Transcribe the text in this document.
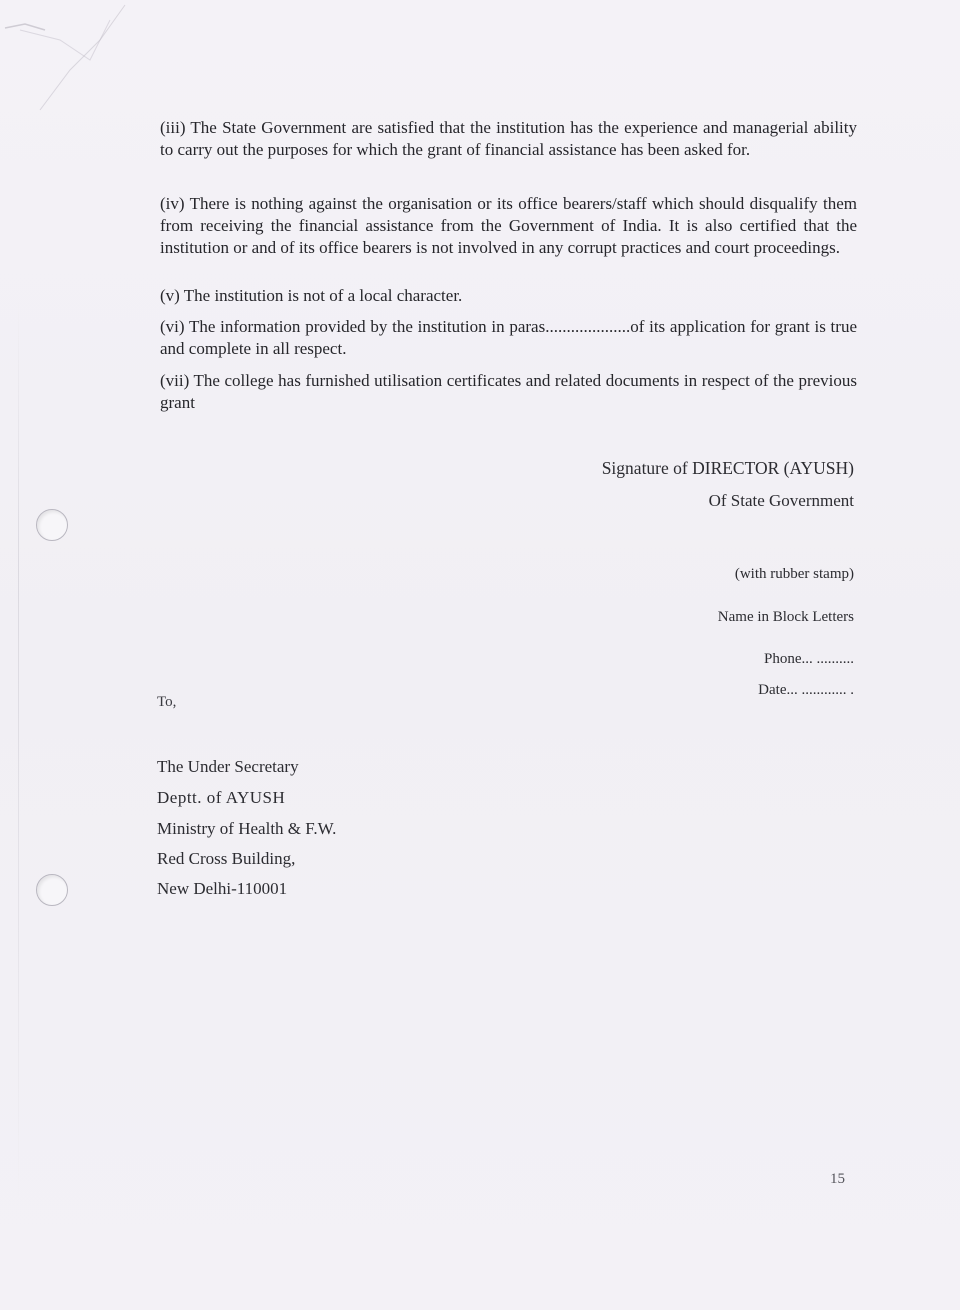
(iii) The State Government are satisfied that the institution has the experience and managerial ability to carry out the purposes for which the grant of financial assistance has been asked for.

(iv) There is nothing against the organisation or its office bearers/staff which should disqualify them from receiving the financial assistance from the Government of India. It is also certified that the institution or and of its office bearers is not involved in any corrupt practices and court proceedings.

(v) The institution is not of a local character.

(vi) The information provided by the institution in paras....................of its application for grant is true and complete in all respect.

(vii) The college has furnished utilisation certificates and related documents in respect of the previous grant

Signature of DIRECTOR (AYUSH)
Of State Government
(with rubber stamp)
Name in Block Letters
Phone... ..........
Date... ............ .
To,
The Under Secretary
Deptt. of AYUSH
Ministry of Health & F.W.
Red Cross Building,
New Delhi-110001
15
